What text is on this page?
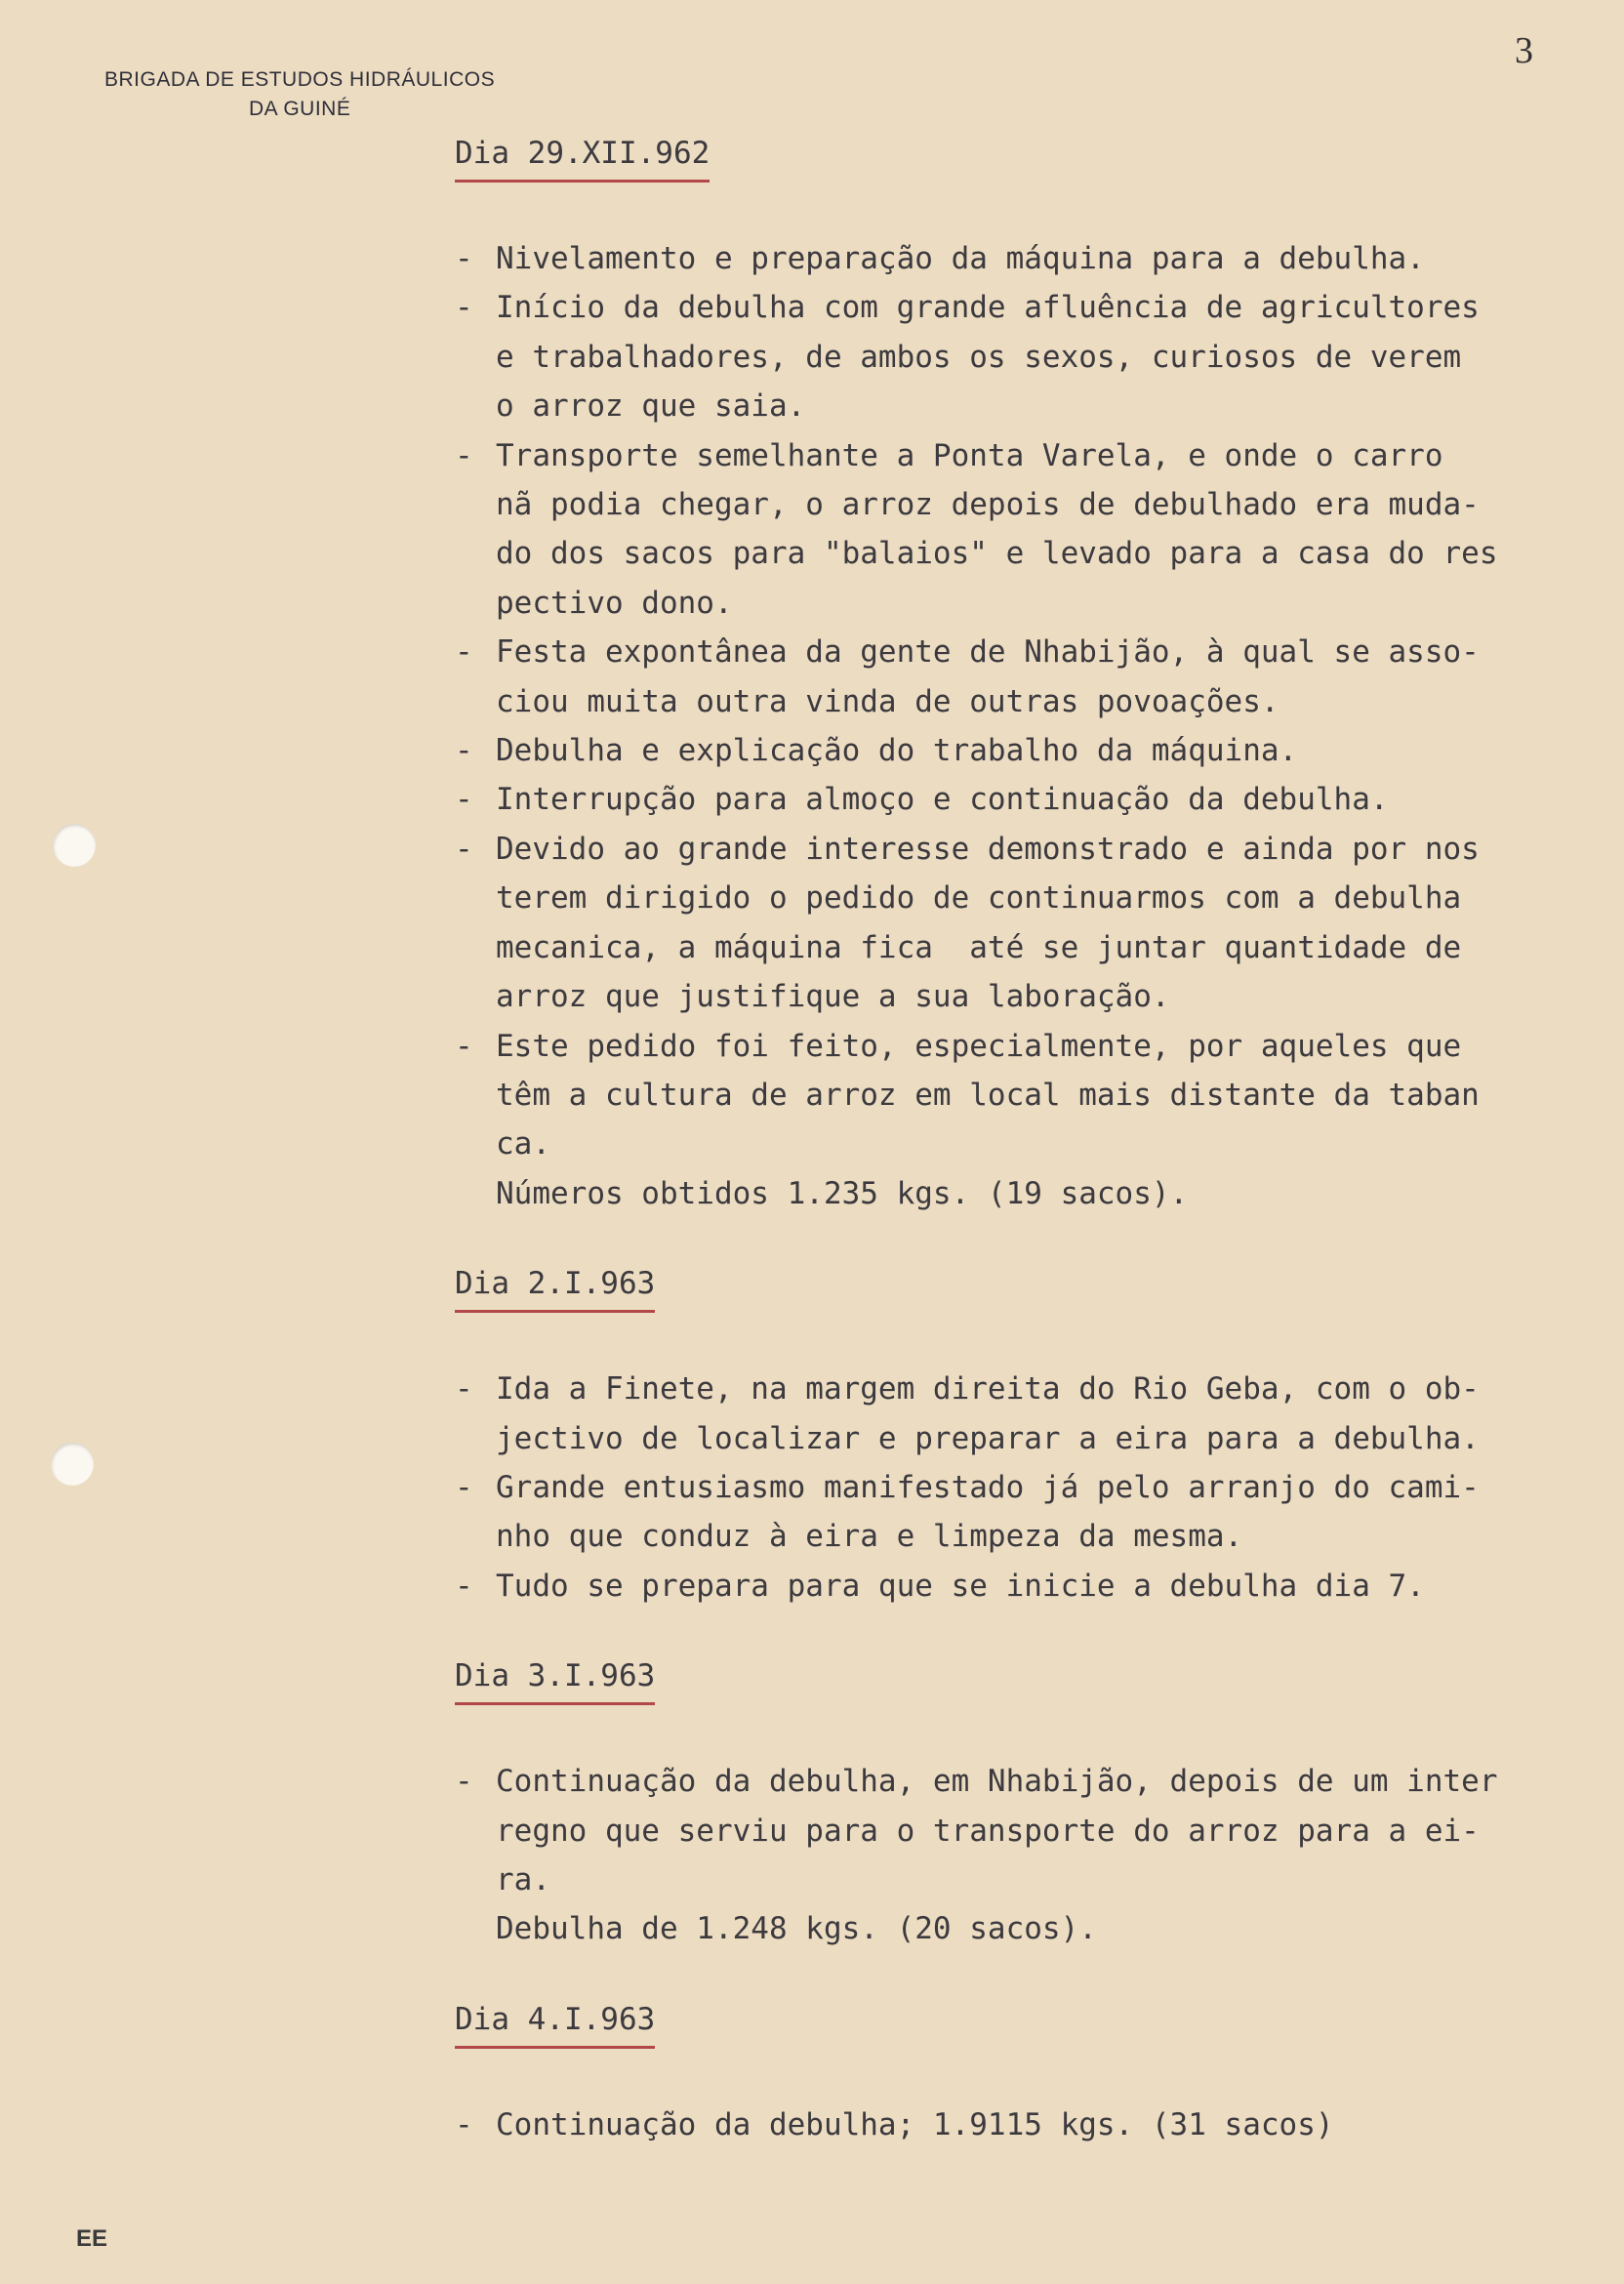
BRIGADA DE ESTUDOS HIDRÁULICOS
DA GUINÉ
3
Dia 29.XII.962
- Nivelamento e preparação da máquina para a debulha.
- Início da debulha com grande afluência de agricultores
e trabalhadores, de ambos os sexos, curiosos de verem
o arroz que saia.
- Transporte semelhante a Ponta Varela, e onde o carro
nã podia chegar, o arroz depois de debulhado era muda-
do dos sacos para "balaios" e levado para a casa do res
pectivo dono.
- Festa expontânea da gente de Nhabijão, à qual se asso-
ciou muita outra vinda de outras povoações.
- Debulha e explicação do trabalho da máquina.
- Interrupção para almoço e continuação da debulha.
- Devido ao grande interesse demonstrado e ainda por nos
terem dirigido o pedido de continuarmos com a debulha
mecanica, a máquina fica  até se juntar quantidade de
arroz que justifique a sua laboração.
- Este pedido foi feito, especialmente, por aqueles que
têm a cultura de arroz em local mais distante da taban
ca.
Números obtidos 1.235 kgs. (19 sacos).
Dia 2.I.963
- Ida a Finete, na margem direita do Rio Geba, com o ob-
jectivo de localizar e preparar a eira para a debulha.
- Grande entusiasmo manifestado já pelo arranjo do cami-
nho que conduz à eira e limpeza da mesma.
- Tudo se prepara para que se inicie a debulha dia 7.
Dia 3.I.963
- Continuação da debulha, em Nhabijão, depois de um inter
regno que serviu para o transporte do arroz para a ei-
ra.
Debulha de 1.248 kgs. (20 sacos).
Dia 4.I.963
- Continuação da debulha; 1.9115 kgs. (31 sacos)
EE
